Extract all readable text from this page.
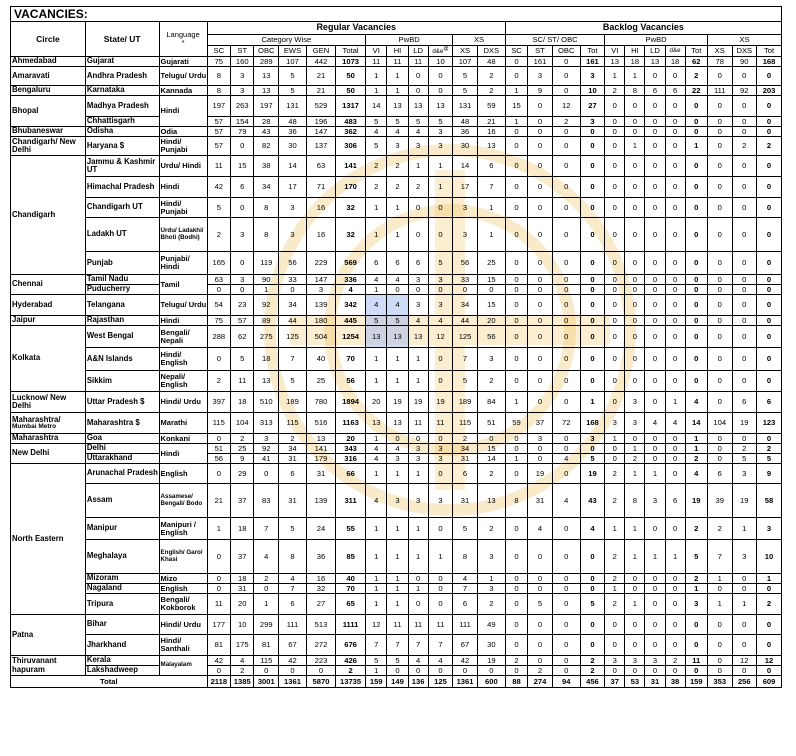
VACANCIES:
Circle	State/ UT	Language
*	Regular Vacancies												Backlog Vacancies											
			Category Wise						PwBD				XS		SC/ ST/ OBC				PwBD					XS		
			SC	ST	OBC	EWS	GEN	Total	VI	HI	LD	d&e@	XS	DXS	SC	ST	OBC	Tot	VI	HI	LD	d&e	Tot	XS	DXS	Tot
Ahmedabad	Gujarat	Gujarati	75	160	289	107	442	1073	11	11	11	10	107	48	0	161	0	161	13	18	13	18	62	78	90	168
Amaravati	Andhra Pradesh	Telugu/ Urdu	8	3	13	5	21	50	1	1	0	0	5	2	0	3	0	3	1	1	0	0	2	0	0	0
Bengaluru	Karnataka	Kannada	8	3	13	5	21	50	1	1	0	0	5	2	1	9	0	10	2	8	6	6	22	111	92	203
Bhopal	Madhya Pradesh	Hindi	197	263	197	131	529	1317	14	13	13	13	131	59	15	0	12	27	0	0	0	0	0	0	0	0
	Chhattisgarh		57	154	28	48	196	483	5	5	5	5	48	21	1	0	2	3	0	0	0	0	0	0	0	0
Bhubaneswar	Odisha	Odia	57	79	43	36	147	362	4	4	4	3	36	16	0	0	0	0	0	0	0	0	0	0	0	0
Chandigarh/ New Delhi	Haryana $	Hindi/ Punjabi	57	0	82	30	137	306	5	3	3	3	30	13	0	0	0	0	0	1	0	0	1	0	2	2
Chandigarh	Jammu & Kashmir UT	Urdu/ Hindi	11	15	38	14	63	141	2	2	1	1	14	6	0	0	0	0	0	0	0	0	0	0	0	0
	Himachal Pradesh	Hindi	42	6	34	17	71	170	2	2	2	1	17	7	0	0	0	0	0	0	0	0	0	0	0	0
	Chandigarh UT	Hindi/ Punjabi	5	0	8	3	16	32	1	1	0	0	3	1	0	0	0	0	0	0	0	0	0	0	0	0
	Ladakh UT	Urdu/ Ladakhi/ Bhoti (Bodhi)	2	3	8	3	16	32	1	1	0	0	3	1	0	0	0	0	0	0	0	0	0	0	0	0
	Punjab	Punjabi/ Hindi	165	0	119	56	229	569	6	6	6	5	56	25	0	0	0	0	0	0	0	0	0	0	0	0
Chennai	Tamil Nadu	Tamil	63	3	90	33	147	336	4	4	3	3	33	15	0	0	0	0	0	0	0	0	0	0	0	0
	Puducherry		0	0	1	0	3	4	1	0	0	0	0	0	0	0	0	0	0	0	0	0	0	0	0	0
Hyderabad	Telangana	Telugu/ Urdu	54	23	92	34	139	342	4	4	3	3	34	15	0	0	0	0	0	0	0	0	0	0	0	0
Jaipur	Rajasthan	Hindi	75	57	89	44	180	445	5	5	4	4	44	20	0	0	0	0	0	0	0	0	0	0	0	0
Kolkata	West Bengal	Bengali/ Nepali	288	62	275	125	504	1254	13	13	13	12	125	56	0	0	0	0	0	0	0	0	0	0	0	0
	A&N Islands	Hindi/ English	0	5	18	7	40	70	1	1	1	0	7	3	0	0	0	0	0	0	0	0	0	0	0	0
	Sikkim	Nepali/ English	2	11	13	5	25	56	1	1	1	0	5	2	0	0	0	0	0	0	0	0	0	0	0	0
Lucknow/ New Delhi	Uttar Pradesh $	Hindi/ Urdu	397	18	510	189	780	1894	20	19	19	19	189	84	1	0	0	1	0	3	0	1	4	0	6	6
Maharashtra/
Mumbai Metro	Maharashtra $	Marathi	115	104	313	115	516	1163	13	13	11	11	115	51	59	37	72	168	3	3	4	4	14	104	19	123
Maharashtra	Goa	Konkani	0	2	3	2	13	20	1	0	0	0	2	0	0	3	0	3	1	0	0	0	1	0	0	0
New Delhi	Delhi	Hindi	51	25	92	34	141	343	4	4	3	3	34	15	0	0	0	0	0	1	0	0	1	0	2	2
	Uttarakhand		56	9	41	31	179	316	4	3	3	3	31	14	1	0	4	5	0	2	0	0	2	0	5	5
North Eastern	Arunachal Pradesh	English	0	29	0	6	31	66	1	1	1	0	6	2	0	19	0	19	2	1	1	0	4	6	3	9
	Assam	Assamese/ Bengali/ Bodo	21	37	83	31	139	311	4	3	3	3	31	13	8	31	4	43	2	8	3	6	19	39	19	58
	Manipur	Manipuri / English	1	18	7	5	24	55	1	1	1	0	5	2	0	4	0	4	1	1	0	0	2	2	1	3
	Meghalaya	English/ Garo/ Khasi	0	37	4	8	36	85	1	1	1	1	8	3	0	0	0	0	2	1	1	1	5	7	3	10
	Mizoram	Mizo	0	18	2	4	16	40	1	1	0	0	4	1	0	0	0	0	2	0	0	0	2	1	0	1
	Nagaland	English	0	31	0	7	32	70	1	1	1	0	7	3	0	0	0	0	1	0	0	0	1	0	0	0
	Tripura	Bengali/ Kokborok	11	20	1	6	27	65	1	1	0	0	6	2	0	5	0	5	2	1	0	0	3	1	1	2
Patna	Bihar	Hindi/ Urdu	177	10	299	111	513	1111	12	11	11	11	111	49	0	0	0	0	0	0	0	0	0	0	0	0
	Jharkhand	Hindi/ Santhali	81	175	81	67	272	676	7	7	7	7	67	30	0	0	0	0	0	0	0	0	0	0	0	0
Thiruvanant hapuram	Kerala	Malayalam	42	4	115	42	223	426	5	5	4	4	42	19	2	0	0	2	3	3	3	2	11	0	12	12
	Lakshadweep		0	2	0	0	0	2	1	0	0	0	0	0	0	2	0	2	0	0	0	0	0	0	0	0
Total			2118	1385	3001	1361	5870	13735	159	149	136	125	1361	600	88	274	94	456	37	53	31	38	159	353	256	609
